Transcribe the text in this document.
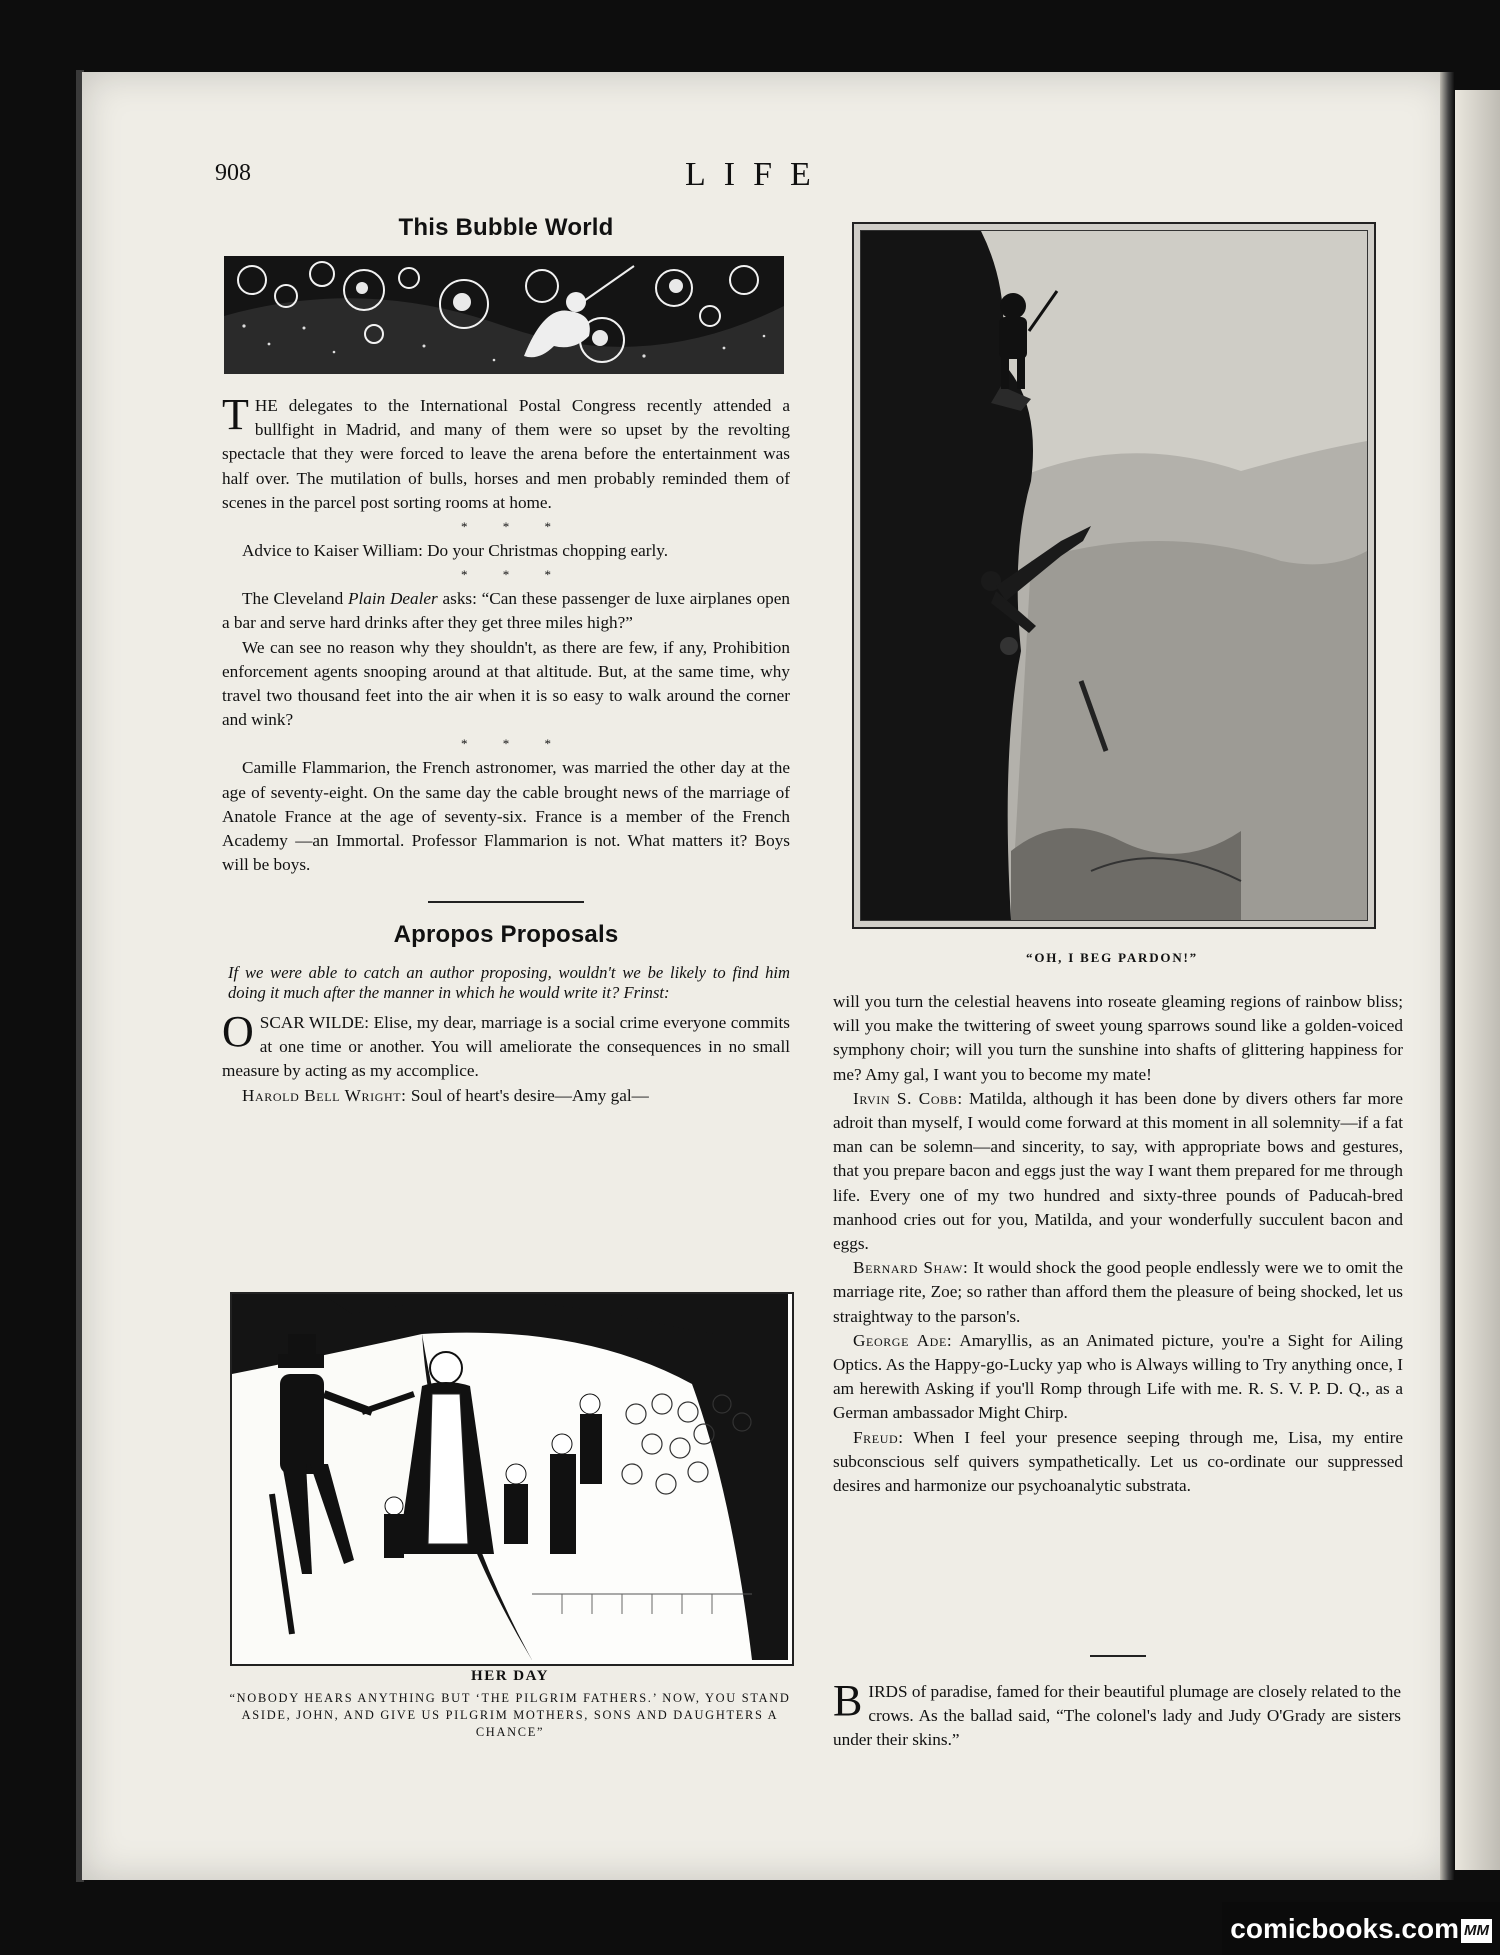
908	LIFE
This Bubble World

THE delegates to the International Postal Congress recently attended a bullfight in Madrid, and many of them were so upset by the revolting spectacle that they were forced to leave the arena before the entertainment was half over. The mutilation of bulls, horses and men probably reminded them of scenes in the parcel post sorting rooms at home.

* * *

Advice to Kaiser William: Do your Christmas chopping early.

* * *

The Cleveland Plain Dealer asks: “Can these passenger de luxe airplanes open a bar and serve hard drinks after they get three miles high?”

We can see no reason why they shouldn't, as there are few, if any, Prohibition enforcement agents snooping around at that altitude. But, at the same time, why travel two thousand feet into the air when it is so easy to walk around the corner and wink?

* * *

Camille Flammarion, the French astronomer, was married the other day at the age of seventy-eight. On the same day the cable brought news of the marriage of Anatole France at the age of seventy-six. France is a member of the French Academy —an Immortal. Professor Flammarion is not. What matters it? Boys will be boys.

Apropos Proposals
If we were able to catch an author proposing, wouldn't we be likely to find him doing it much after the manner in which he would write it? Frinst:

OSCAR WILDE: Elise, my dear, marriage is a social crime everyone commits at one time or another. You will ameliorate the consequences in no small measure by acting as my accomplice.

Harold Bell Wright: Soul of heart's desire—Amy gal—

“OH, I BEG PARDON!”

will you turn the celestial heavens into roseate gleaming regions of rainbow bliss; will you make the twittering of sweet young sparrows sound like a golden-voiced symphony choir; will you turn the sunshine into shafts of glittering happiness for me? Amy gal, I want you to become my mate!

Irvin S. Cobb: Matilda, although it has been done by divers others far more adroit than myself, I would come forward at this moment in all solemnity—if a fat man can be solemn—and sincerity, to say, with appropriate bows and gestures, that you prepare bacon and eggs just the way I want them prepared for me through life. Every one of my two hundred and sixty-three pounds of Paducah-bred manhood cries out for you, Matilda, and your wonderfully succulent bacon and eggs.

Bernard Shaw: It would shock the good people endlessly were we to omit the marriage rite, Zoe; so rather than afford them the pleasure of being shocked, let us straightway to the parson's.

George Ade: Amaryllis, as an Animated picture, you're a Sight for Ailing Optics. As the Happy-go-Lucky yap who is Always willing to Try anything once, I am herewith Asking if you'll Romp through Life with me. R. S. V. P. D. Q., as a German ambassador Might Chirp.

Freud: When I feel your presence seeping through me, Lisa, my entire subconscious self quivers sympathetically. Let us co-ordinate our suppressed desires and harmonize our psychoanalytic substrata.

BIRDS of paradise, famed for their beautiful plumage are closely related to the crows. As the ballad said, “The colonel's lady and Judy O'Grady are sisters under their skins.”

HER DAY
“NOBODY HEARS ANYTHING BUT ‘THE PILGRIM FATHERS.’ NOW, YOU STAND ASIDE, JOHN, AND GIVE US PILGRIM MOTHERS, SONS AND DAUGHTERS A CHANCE”
comicbooks.com MM
